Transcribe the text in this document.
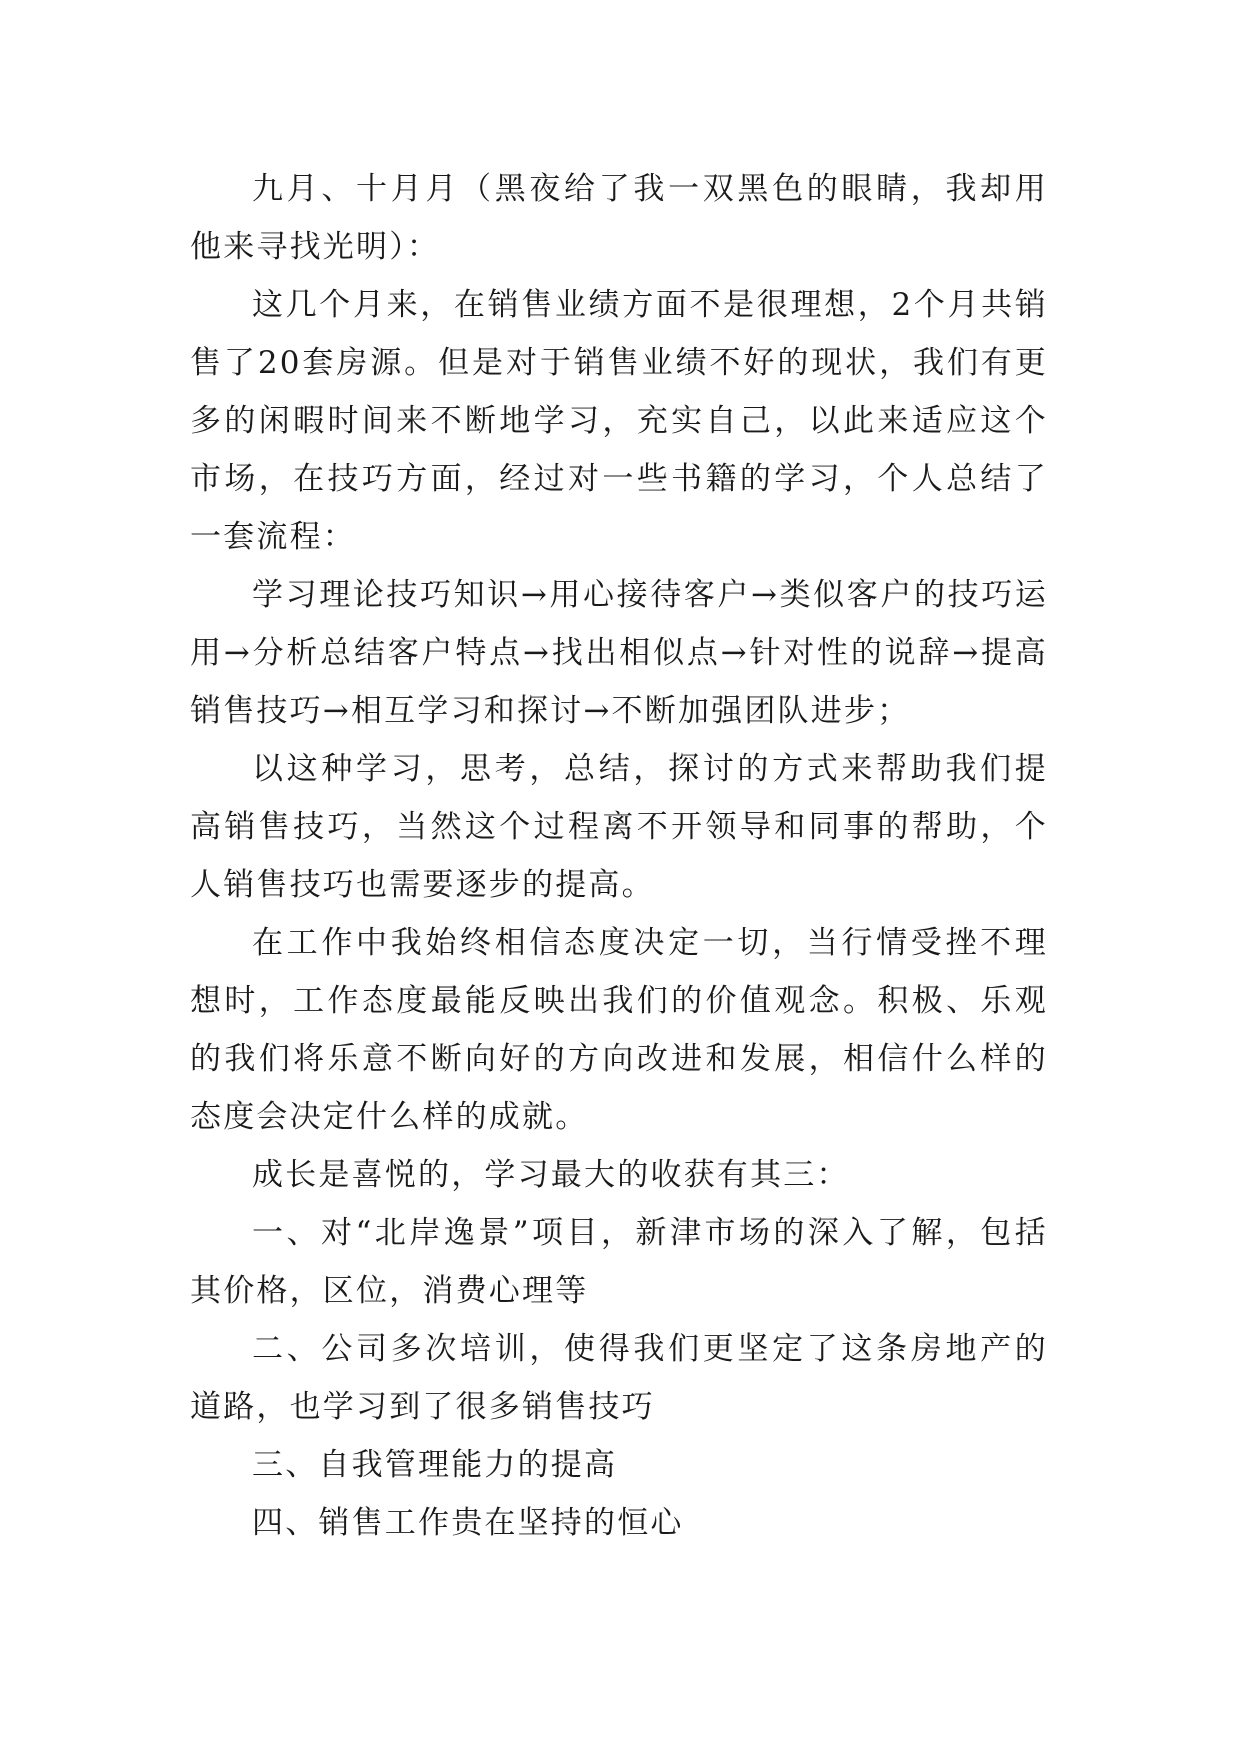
九月、十月月（黑夜给了我一双黑色的眼睛，我却用他来寻找光明）：

这几个月来，在销售业绩方面不是很理想，2个月共销售了20套房源。但是对于销售业绩不好的现状，我们有更多的闲暇时间来不断地学习，充实自己，以此来适应这个市场，在技巧方面，经过对一些书籍的学习，个人总结了一套流程：

学习理论技巧知识→用心接待客户→类似客户的技巧运用→分析总结客户特点→找出相似点→针对性的说辞→提高销售技巧→相互学习和探讨→不断加强团队进步；

以这种学习，思考，总结，探讨的方式来帮助我们提高销售技巧，当然这个过程离不开领导和同事的帮助，个人销售技巧也需要逐步的提高。

在工作中我始终相信态度决定一切，当行情受挫不理想时，工作态度最能反映出我们的价值观念。积极、乐观的我们将乐意不断向好的方向改进和发展，相信什么样的态度会决定什么样的成就。

成长是喜悦的，学习最大的收获有其三：

一、对“北岸逸景”项目，新津市场的深入了解，包括其价格，区位，消费心理等

二、公司多次培训，使得我们更坚定了这条房地产的道路，也学习到了很多销售技巧

三、自我管理能力的提高

四、销售工作贵在坚持的恒心
